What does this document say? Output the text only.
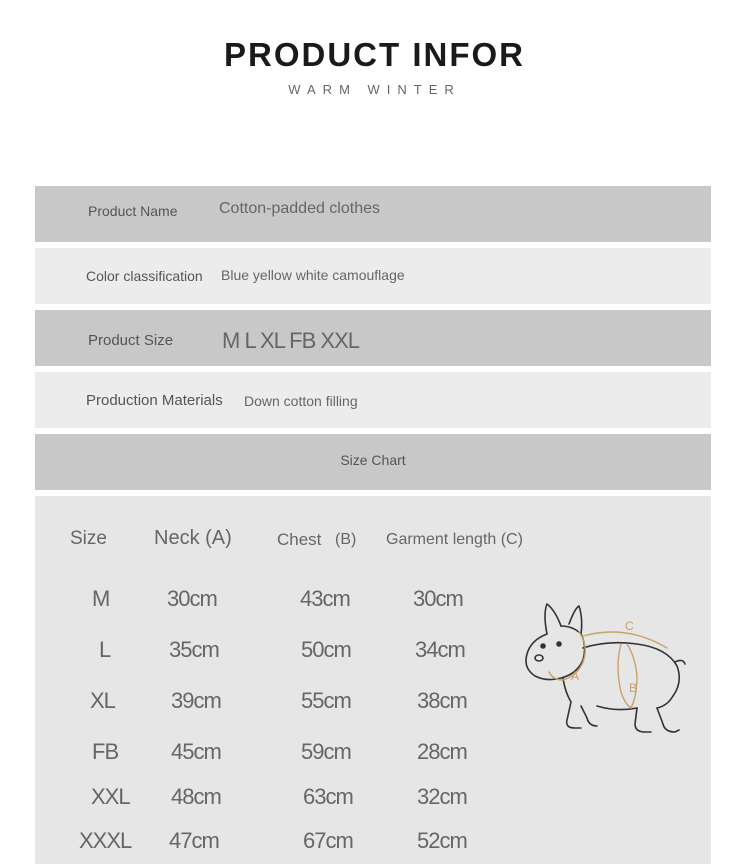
PRODUCT INFOR
WARM WINTER
Product Name	Cotton-padded clothes
Color classification Blue yellow white camouflage
Product Size M L XL FB XXL
Production Materials Down cotton filling
Size Chart
Size Neck (A)	Chest (B) Garment length (C)
M	30cm	43cm	30cm
L	35cm	50cm	34cm
XL	39cm	55cm	38cm
FB 45cm	59cm	28cm
XXL 48cm	63cm	32cm
XXXL 47cm	67cm	52cm
A
B
C
